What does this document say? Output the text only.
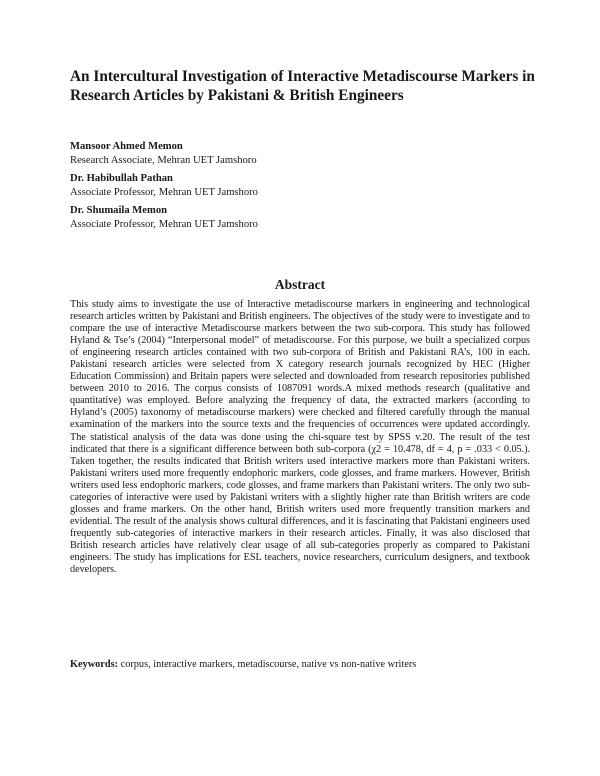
An Intercultural Investigation of Interactive Metadiscourse Markers in Research Articles by Pakistani & British Engineers
Mansoor Ahmed Memon
Research Associate, Mehran UET Jamshoro
Dr. Habibullah Pathan
Associate Professor, Mehran UET Jamshoro
Dr. Shumaila Memon
Associate Professor, Mehran UET Jamshoro
Abstract

This study aims to investigate the use of Interactive metadiscourse markers in engineering and technological research articles written by Pakistani and British engineers. The objectives of the study were to investigate and to compare the use of interactive Metadiscourse markers between the two sub-corpora. This study has followed Hyland & Tse’s (2004) “Interpersonal model” of metadiscourse. For this purpose, we built a specialized corpus of engineering research articles contained with two sub-corpora of British and Pakistani RA’s, 100 in each. Pakistani research articles were selected from X category research journals recognized by HEC (Higher Education Commission) and Britain papers were selected and downloaded from research repositories published between 2010 to 2016. The corpus consists of 1087091 words.A mixed methods research (qualitative and quantitative) was employed. Before analyzing the frequency of data, the extracted markers (according to Hyland’s (2005) taxonomy of metadiscourse markers) were checked and filtered carefully through the manual examination of the markers into the source texts and the frequencies of occurrences were updated accordingly. The statistical analysis of the data was done using the chi-square test by SPSS v.20. The result of the test indicated that there is a significant difference between both sub-corpora (χ2 = 10.478, df = 4, p = .033 < 0.05.). Taken together, the results indicated that British writers used interactive markers more than Pakistani writers. Pakistani writers used more frequently endophoric markers, code glosses, and frame markers. However, British writers used less endophoric markers, code glosses, and frame markers than Pakistani writers. The only two sub-categories of interactive were used by Pakistani writers with a slightly higher rate than British writers are code glosses and frame markers. On the other hand, British writers used more frequently transition markers and evidential. The result of the analysis shows cultural differences, and it is fascinating that Pakistani engineers used frequently sub-categories of interactive markers in their research articles. Finally, it was also disclosed that British research articles have relatively clear usage of all sub-categories properly as compared to Pakistani engineers. The study has implications for ESL teachers, novice researchers, curriculum designers, and textbook developers.

Keywords: corpus, interactive markers, metadiscourse, native vs non-native writers
